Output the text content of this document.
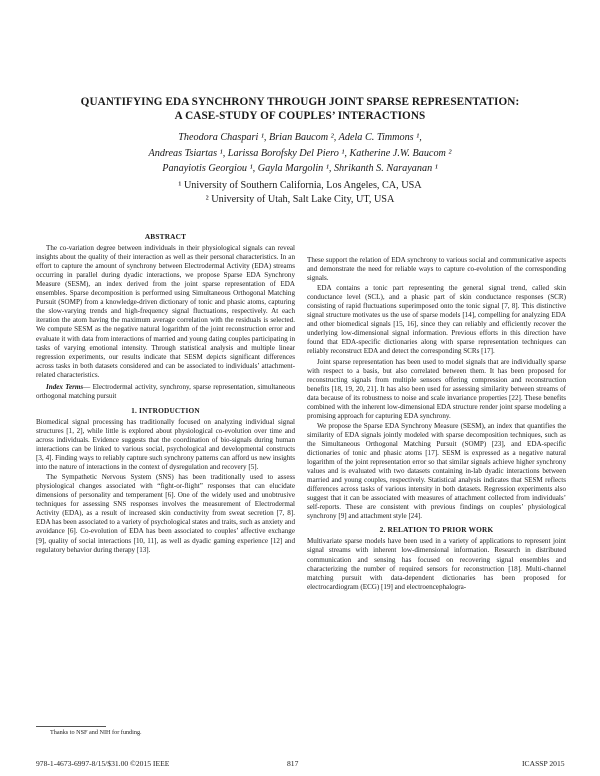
QUANTIFYING EDA SYNCHRONY THROUGH JOINT SPARSE REPRESENTATION:
A CASE-STUDY OF COUPLES’ INTERACTIONS
Theodora Chaspari ¹, Brian Baucom ², Adela C. Timmons ¹,
Andreas Tsiartas ¹, Larissa Borofsky Del Piero ¹, Katherine J.W. Baucom ²
Panayiotis Georgiou ¹, Gayla Margolin ¹, Shrikanth S. Narayanan ¹
¹ University of Southern California, Los Angeles, CA, USA
² University of Utah, Salt Lake City, UT, USA
ABSTRACT

The co-variation degree between individuals in their physiological signals can reveal insights about the quality of their interaction as well as their personal characteristics. In an effort to capture the amount of synchrony between Electrodermal Activity (EDA) streams occurring in parallel during dyadic interactions, we propose Sparse EDA Synchrony Measure (SESM), an index derived from the joint sparse representation of EDA ensembles. Sparse decomposition is performed using Simultaneous Orthogonal Matching Pursuit (SOMP) from a knowledge-driven dictionary of tonic and phasic atoms, capturing the slow-varying trends and high-frequency signal fluctuations, respectively. At each iteration the atom having the maximum average correlation with the residuals is selected. We compute SESM as the negative natural logarithm of the joint reconstruction error and evaluate it with data from interactions of married and young dating couples participating in tasks of varying emotional intensity. Through statistical analysis and multiple linear regression experiments, our results indicate that SESM depicts significant differences across tasks in both datasets considered and can be associated to individuals’ attachment-related characteristics.

Index Terms— Electrodermal activity, synchrony, sparse representation, simultaneous orthogonal matching pursuit

1. INTRODUCTION

Biomedical signal processing has traditionally focused on analyzing individual signal structures [1, 2], while little is explored about physiological co-evolution over time and across individuals. Evidence suggests that the coordination of bio-signals during human interactions can be linked to various social, psychological and developmental constructs [3, 4]. Finding ways to reliably capture such synchrony patterns can afford us new insights into the nature of interactions in the context of dysregulation and recovery [5].

The Sympathetic Nervous System (SNS) has been traditionally used to assess physiological changes associated with “fight-or-flight” responses that can elucidate dimensions of personality and temperament [6]. One of the widely used and unobtrusive techniques for assessing SNS responses involves the measurement of Electrodermal Activity (EDA), as a result of increased skin conductivity from sweat secretion [7, 8]. EDA has been associated to a variety of psychological states and traits, such as anxiety and avoidance [6]. Co-evolution of EDA has been associated to couples’ affective exchange [9], quality of social interactions [10, 11], as well as dyadic gaming experience [12] and regulatory behavior during therapy [13].

These support the relation of EDA synchrony to various social and communicative aspects and demonstrate the need for reliable ways to capture co-evolution of the corresponding signals.

EDA contains a tonic part representing the general signal trend, called skin conductance level (SCL), and a phasic part of skin conductance responses (SCR) consisting of rapid fluctuations superimposed onto the tonic signal [7, 8]. This distinctive signal structure motivates us the use of sparse models [14], compelling for analyzing EDA and other biomedical signals [15, 16], since they can reliably and efficiently recover the underlying low-dimensional signal information. Previous efforts in this direction have found that EDA-specific dictionaries along with sparse representation techniques can reliably reconstruct EDA and detect the corresponding SCRs [17].

Joint sparse representation has been used to model signals that are individually sparse with respect to a basis, but also correlated between them. It has been proposed for reconstructing signals from multiple sensors offering compression and reconstruction benefits [18, 19, 20, 21]. It has also been used for assessing similarity between streams of data because of its robustness to noise and scale invariance properties [22]. These benefits combined with the inherent low-dimensional EDA structure render joint sparse modeling a promising approach for capturing EDA synchrony.

We propose the Sparse EDA Synchrony Measure (SESM), an index that quantifies the similarity of EDA signals jointly modeled with sparse decomposition techniques, such as the Simultaneous Orthogonal Matching Pursuit (SOMP) [23], and EDA-specific dictionaries of tonic and phasic atoms [17]. SESM is expressed as a negative natural logarithm of the joint representation error so that similar signals achieve higher synchrony values and is evaluated with two datasets containing in-lab dyadic interactions between married and young couples, respectively. Statistical analysis indicates that SESM reflects differences across tasks of various intensity in both datasets. Regression experiments also suggest that it can be associated with measures of attachment collected from individuals’ self-reports. These are consistent with previous findings on couples’ physiological synchrony [9] and attachment style [24].

2. RELATION TO PRIOR WORK

Multivariate sparse models have been used in a variety of applications to represent joint signal streams with inherent low-dimensional information. Research in distributed communication and sensing has focused on recovering signal ensembles and characterizing the number of required sensors for reconstruction [18]. Multi-channel matching pursuit with data-dependent dictionaries has been proposed for electrocardiogram (ECG) [19] and electroencephalogra-

Thanks to NSF and NIH for funding.
978-1-4673-6997-8/15/$31.00 ©2015 IEEE	817	ICASSP 2015
